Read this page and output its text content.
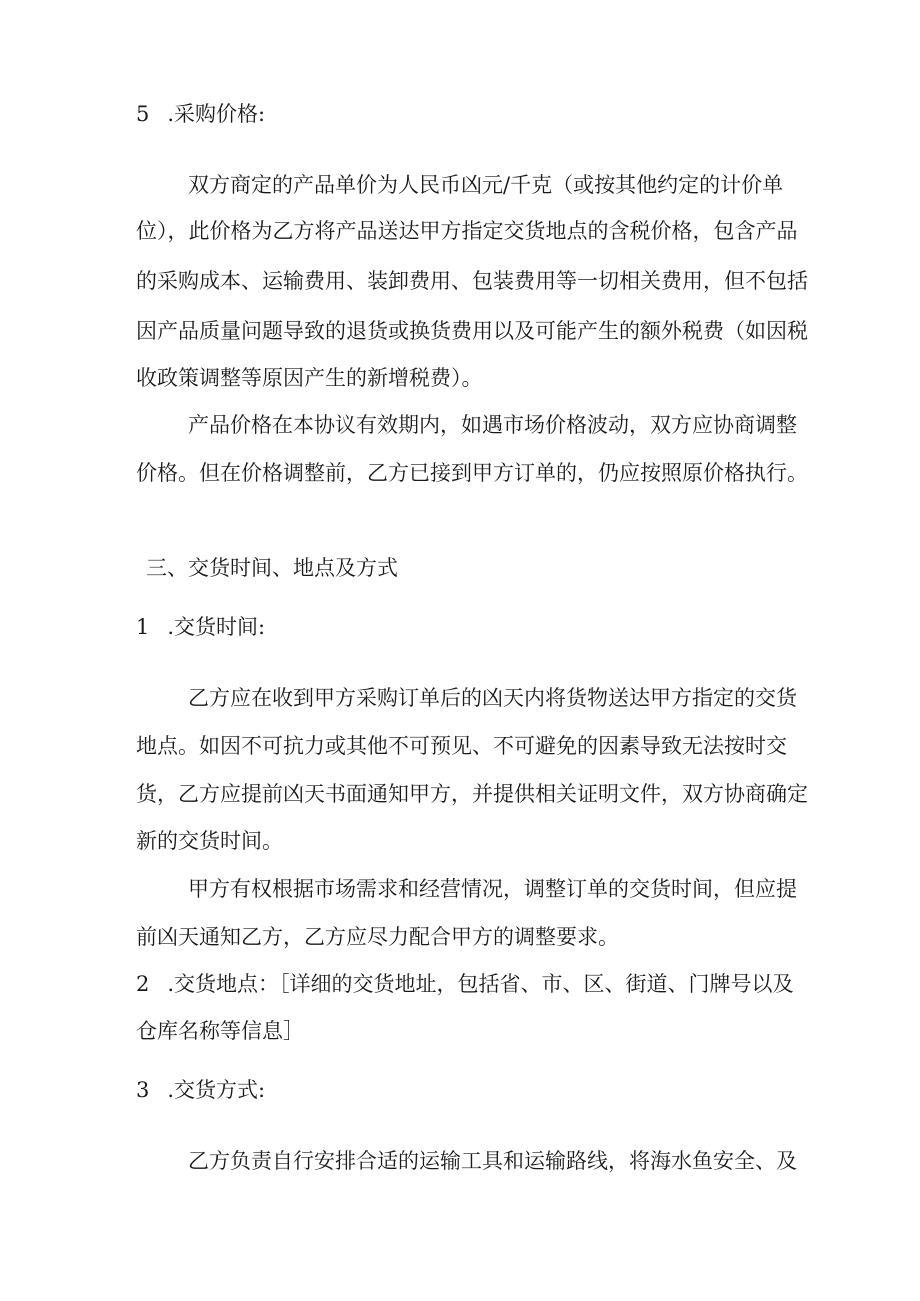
5 .采购价格:
双方商定的产品单价为人民币凶元/千克（或按其他约定的计价单
位），此价格为乙方将产品送达甲方指定交货地点的含税价格，包含产品
的采购成本、运输费用、装卸费用、包装费用等一切相关费用，但不包括
因产品质量问题导致的退货或换货费用以及可能产生的额外税费（如因税
收政策调整等原因产生的新增税费）。
产品价格在本协议有效期内，如遇市场价格波动，双方应协商调整
价格。但在价格调整前，乙方已接到甲方订单的，仍应按照原价格执行。
三、交货时间、地点及方式
1 .交货时间:
乙方应在收到甲方采购订单后的凶天内将货物送达甲方指定的交货
地点。如因不可抗力或其他不可预见、不可避免的因素导致无法按时交
货，乙方应提前凶天书面通知甲方，并提供相关证明文件，双方协商确定
新的交货时间。
甲方有权根据市场需求和经营情况，调整订单的交货时间，但应提
前凶天通知乙方，乙方应尽力配合甲方的调整要求。
2 .交货地点：［详细的交货地址，包括省、市、区、街道、门牌号以及
仓库名称等信息］
3 .交货方式:
乙方负责自行安排合适的运输工具和运输路线，将海水鱼安全、及
